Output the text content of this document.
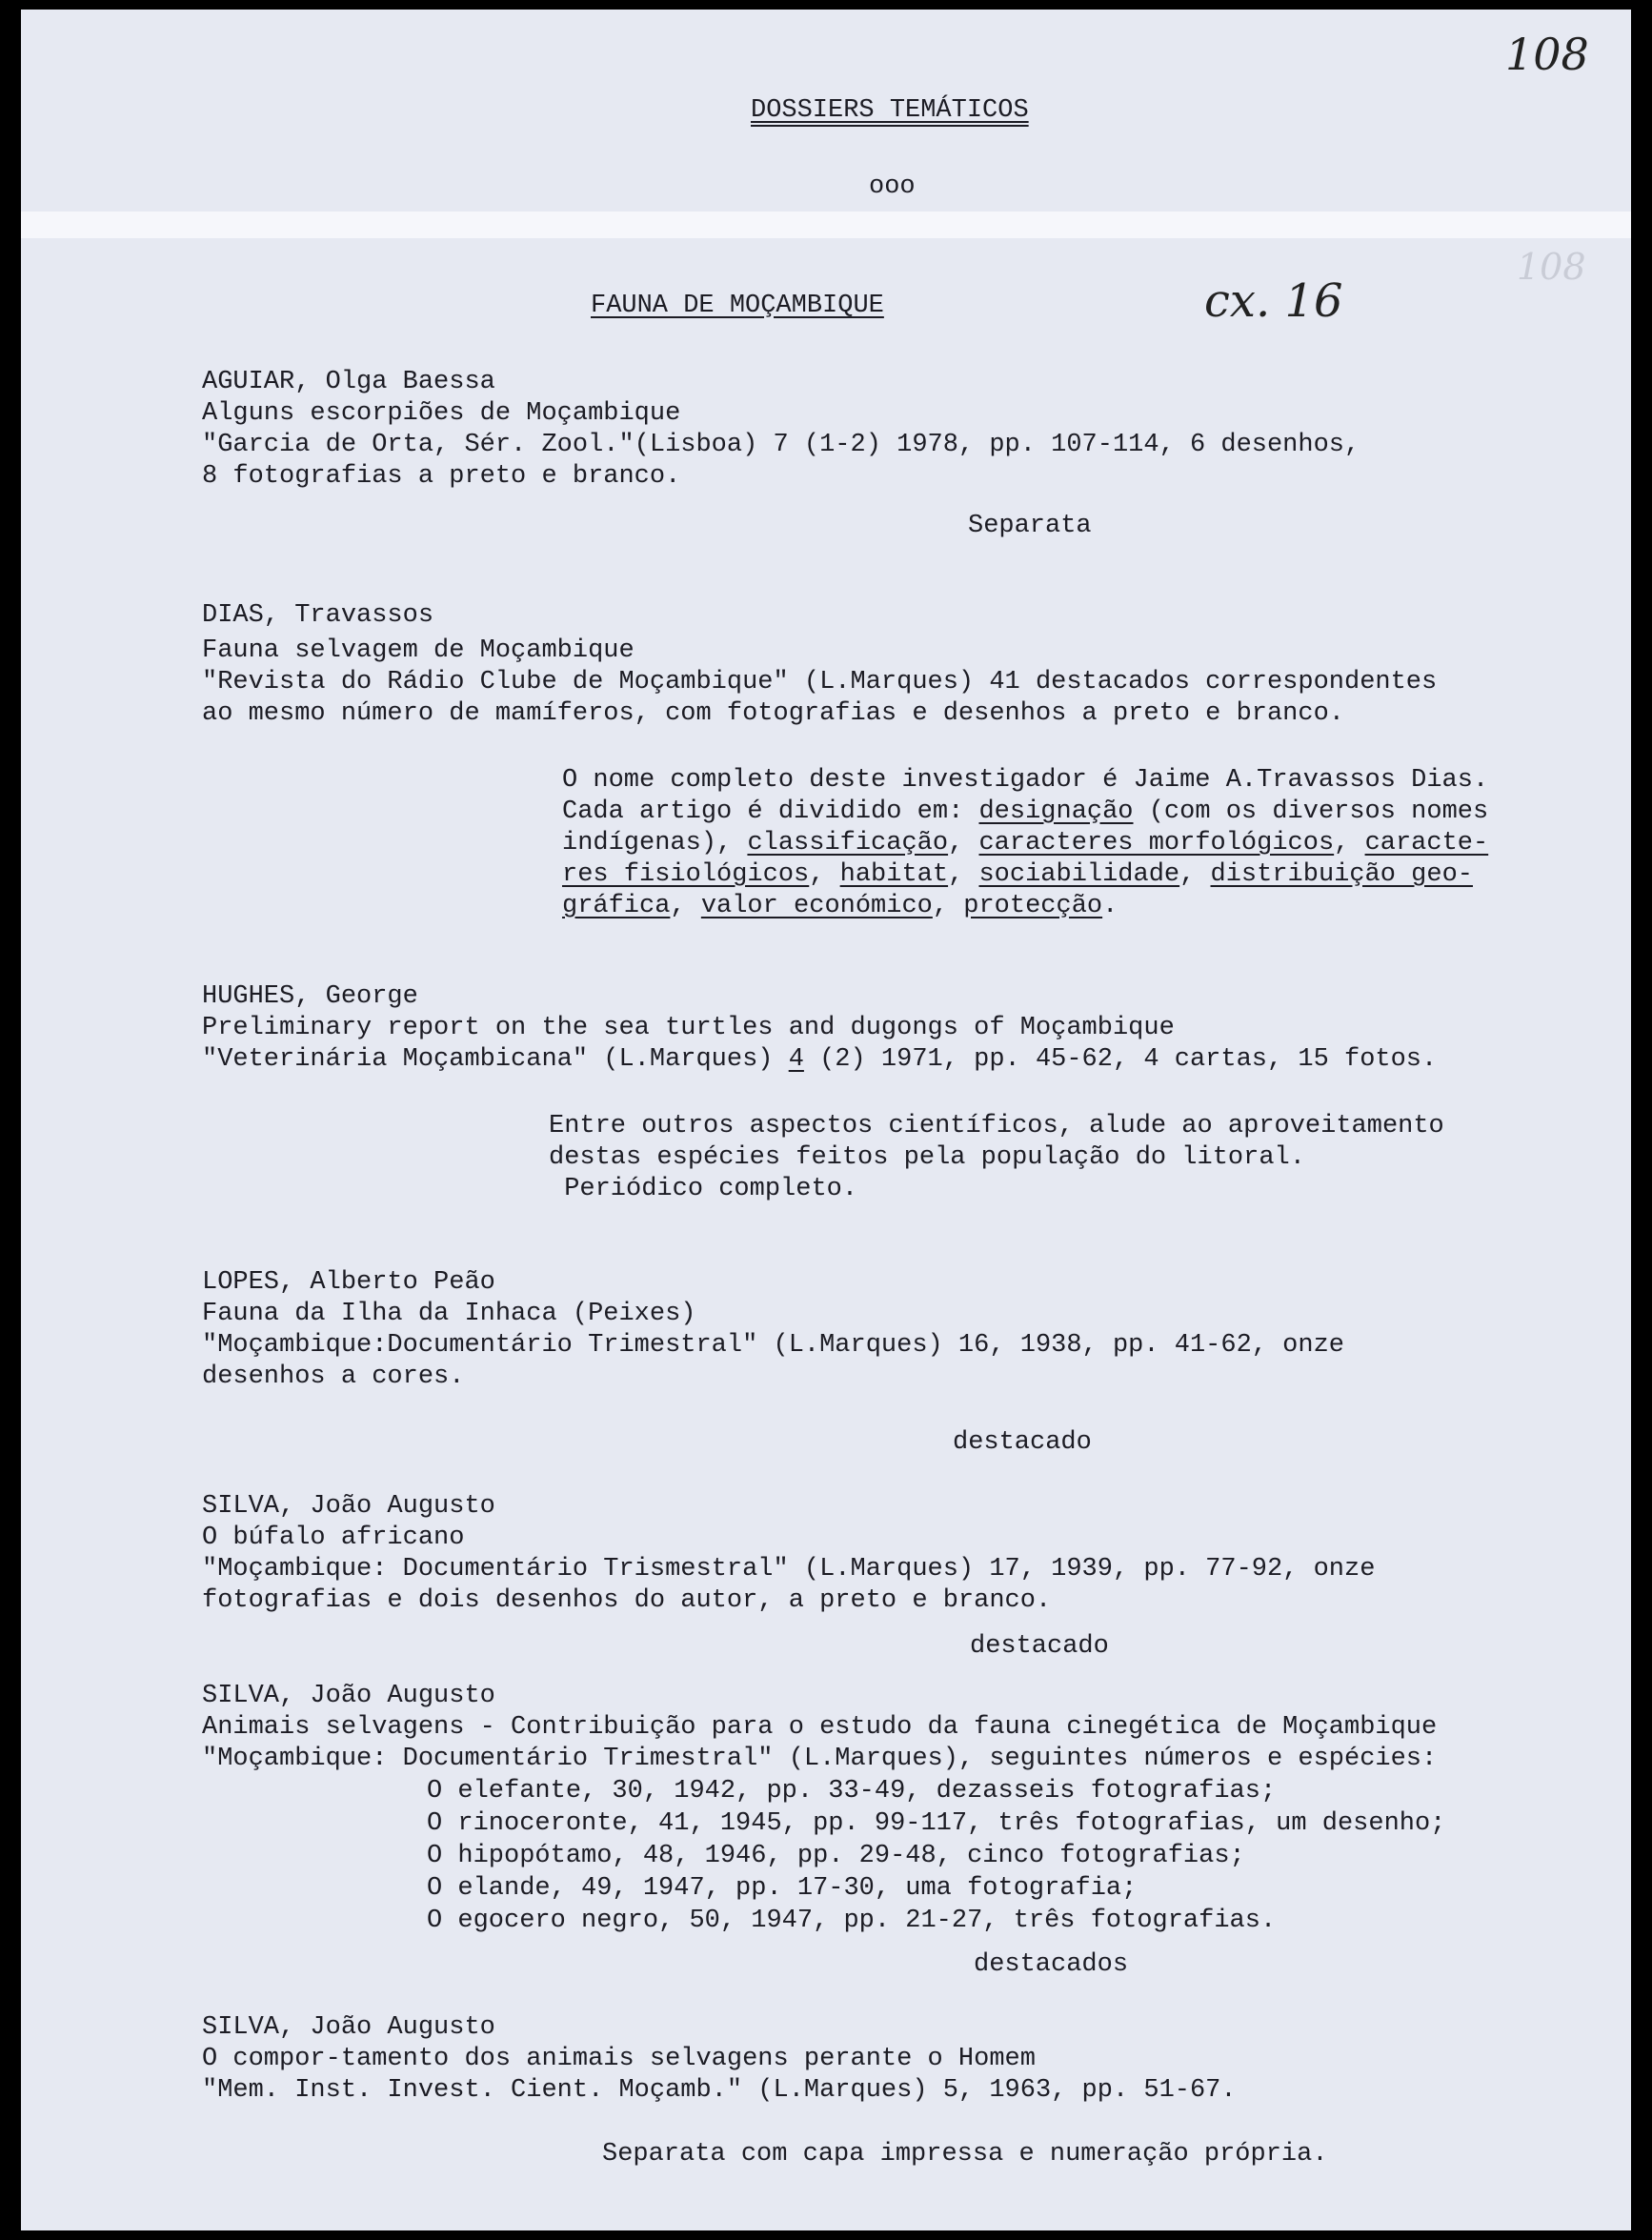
108
108
cx. 16
DOSSIERS TEMÁTICOS
ooo
FAUNA DE MOÇAMBIQUE
AGUIAR, Olga Baessa
Alguns escorpiões de Moçambique
"Garcia de Orta, Sér. Zool."(Lisboa) 7 (1-2) 1978, pp. 107-114, 6 desenhos,
8 fotografias a preto e branco.
Separata
DIAS, Travassos
Fauna selvagem de Moçambique
"Revista do Rádio Clube de Moçambique" (L.Marques) 41 destacados correspondentes
ao mesmo número de mamíferos, com fotografias e desenhos a preto e branco.
O nome completo deste investigador é Jaime A.Travassos Dias.
Cada artigo é dividido em: designação (com os diversos nomes
indígenas), classificação, caracteres morfológicos, caracte-
res fisiológicos, habitat, sociabilidade, distribuição geo-
gráfica, valor económico, protecção.
HUGHES, George
Preliminary report on the sea turtles and dugongs of Moçambique
"Veterinária Moçambicana" (L.Marques) 4 (2) 1971, pp. 45-62, 4 cartas, 15 fotos.
Entre outros aspectos científicos, alude ao aproveitamento
destas espécies feitos pela população do litoral.
Periódico completo.
LOPES, Alberto Peão
Fauna da Ilha da Inhaca (Peixes)
"Moçambique:Documentário Trimestral" (L.Marques) 16, 1938, pp. 41-62, onze
desenhos a cores.
destacado
SILVA, João Augusto
O búfalo africano
"Moçambique: Documentário Trismestral" (L.Marques) 17, 1939, pp. 77-92, onze
fotografias e dois desenhos do autor, a preto e branco.
destacado
SILVA, João Augusto
Animais selvagens - Contribuição para o estudo da fauna cinegética de Moçambique
"Moçambique: Documentário Trimestral" (L.Marques), seguintes números e espécies:
O elefante, 30, 1942, pp. 33-49, dezasseis fotografias;
O rinoceronte, 41, 1945, pp. 99-117, três fotografias, um desenho;
O hipopótamo, 48, 1946, pp. 29-48, cinco fotografias;
O elande, 49, 1947, pp. 17-30, uma fotografia;
O egocero negro, 50, 1947, pp. 21-27, três fotografias.
destacados
SILVA, João Augusto
O compor-tamento dos animais selvagens perante o Homem
"Mem. Inst. Invest. Cient. Moçamb." (L.Marques) 5, 1963, pp. 51-67.
Separata com capa impressa e numeração própria.
